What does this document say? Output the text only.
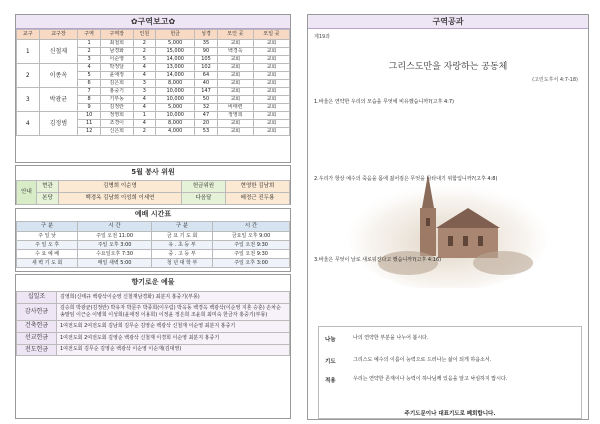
✿구역보고✿
교구	교구장	구역	구역장	인원	헌금	성경	모인 곳	모일 곳
1	신철재	1	최철희	2	5,000	35	교회	교회
		2	남경화	2	15,000	90	백경옥	교회
		3	이순영	5	14,000	105	교회	교회
2	이종옥	4	박정달	4	13,000	102	교회	교회
		5	윤애정	4	14,000	64	교회	교회
		6	김은희	3	8,000	40	교회	교회
3	박광균	7	홍중기	3	10,000	147	교회	교회
		8	기부동	4	10,000	50	교회	교회
		9	김정란	4	5,000	32	비태련	교회
4	김정범	10	정영희	1	10,000	47	정영희	교회
		11	조경이	4	8,000	20	교회	교회
		12	신은희	2	4,000	53	교회	교회
5월 봉사 위원
안내	현관	김병희 이순영	헌금위원	현영한 김남희
	본당	백경옥 김남희 이성희 이세연	다음달	배정근 진두룡
예배 시간표
구 분	시 간	구 분	시 간
주 일 낮	주일 오전 11:00	금 요 기 도 회	금요일 오후 9:00
주 일 오 후	주일 오후 3:00	유 . 초 등 부	주일 오전 9:30
수 요 예 배	수요일오후 7:30	중 . 고 등 부	주일 오전 9:30
새 벽 기 도 회	매일 새벽 5:00	청 년 대 학 부	주일 오후 3:00
향기로운 예물
십일조	김영희(신태규 백광삭이순영 신철재남경화) 최분지 홍중기(부몽)
감사헌금	김승희 박광균(김정란) 박유자 박문주 박종희(이우림) 박옥동 백경옥 백광삭(이순영 지혼 승훈) 손차순 송말임 이근순 이병희 이성희(윤애정 이용희) 이정윤 정은희 조윤희 최미숙 한금자 홍중기(부몽)
건축헌금	1여전도회 2여전도회 김남희 김무순 김영순 백광삭 신철재 이순영 최분지 홍중기
선교헌금	1여전도회 2여전도회 김영순 백광삭 신철재 이경희 이순영 최분지 홍중기
전도헌금	1여전도회 김무순 김영순 백광삭 이순영 이순재(김대영)
구역공과
제19과
그리스도만을 자랑하는 공동체
(고린도후서 4:7-18)
1.바울은 연약한 우리의 모습을 무엇에 비유했습니까?(고후 4:7)
2.우리가 항상 예수의 죽음을 몸에 짊어짐은 무엇을 나타내기 위함입니까?(고후 4:8)
3.바울은 무엇이 날로 새로워진다고 했습니까?(고후 4:16)
나눔	나의 연약한 부분을 나누어 봅시다.
기도	그리스도 예수의 이름이 능력으로 드러나는 삶이 되게 하옵소서.
적용	우리는 연약한 존재이나 능력이 하나님께 있음을 알고 낙심하지 맙시다.
주기도문이나 대표기도로 폐회합니다.
